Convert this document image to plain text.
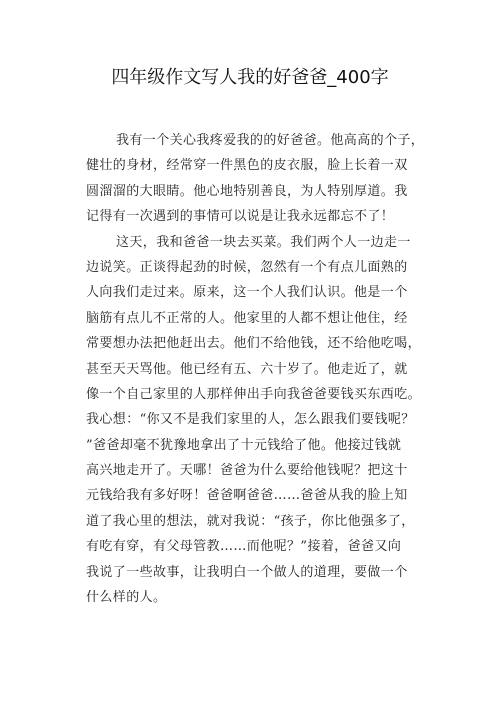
四年级作文写人我的好爸爸_400字
我有一个关心我疼爱我的的好爸爸。他高高的个子，
健壮的身材，经常穿一件黑色的皮衣服，脸上长着一双
圆溜溜的大眼睛。他心地特别善良，为人特别厚道。我
记得有一次遇到的事情可以说是让我永远都忘不了！
这天，我和爸爸一块去买菜。我们两个人一边走一
边说笑。正谈得起劲的时候，忽然有一个有点儿面熟的
人向我们走过来。原来，这一个人我们认识。他是一个
脑筋有点儿不正常的人。他家里的人都不想让他住，经
常要想办法把他赶出去。他们不给他钱，还不给他吃喝，
甚至天天骂他。他已经有五、六十岁了。他走近了，就
像一个自己家里的人那样伸出手向我爸爸要钱买东西吃。
我心想：“你又不是我们家里的人，怎么跟我们要钱呢？
”爸爸却毫不犹豫地拿出了十元钱给了他。他接过钱就
高兴地走开了。天哪！爸爸为什么要给他钱呢？把这十
元钱给我有多好呀！爸爸啊爸爸……爸爸从我的脸上知
道了我心里的想法，就对我说：“孩子，你比他强多了，
有吃有穿，有父母管教……而他呢？”接着，爸爸又向
我说了一些故事，让我明白一个做人的道理，要做一个
什么样的人。
